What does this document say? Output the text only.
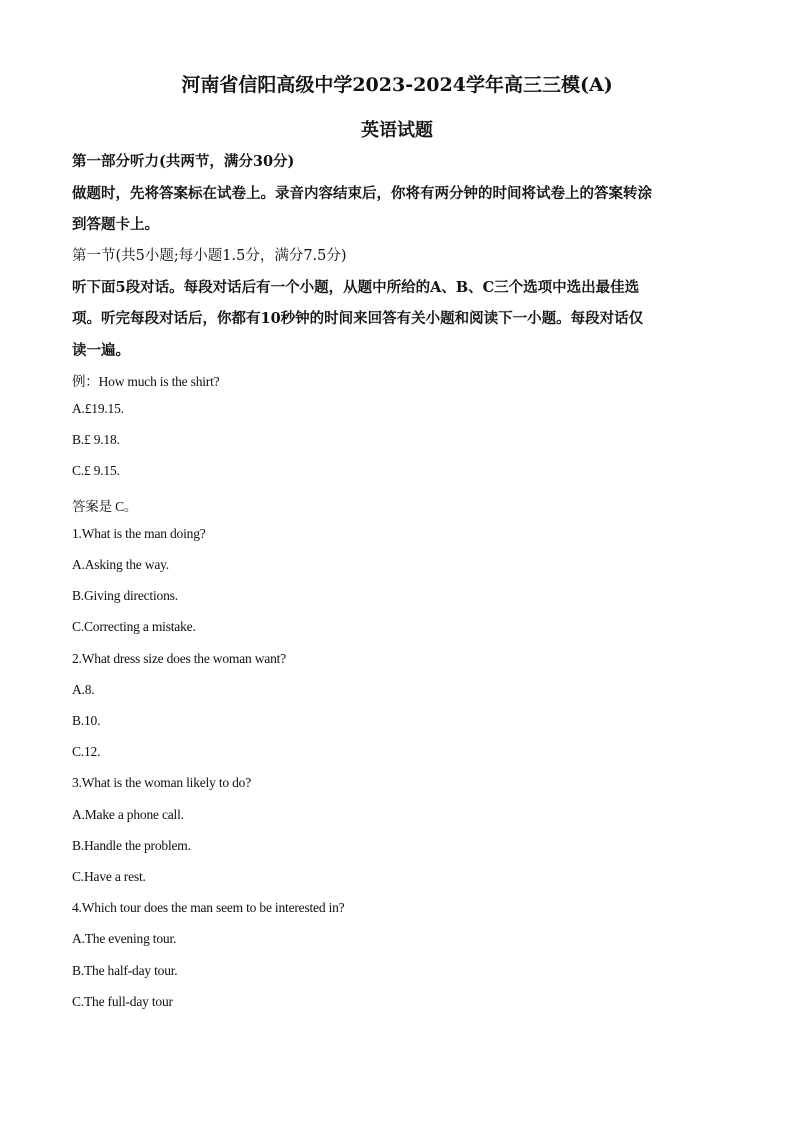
河南省信阳高级中学2023-2024学年高三三模(A)
英语试题
第一部分听力(共两节，满分30分)
做题时，先将答案标在试卷上。录音内容结束后，你将有两分钟的时间将试卷上的答案转涂
到答题卡上。
第一节(共5小题;每小题1.5分，满分7.5分)
听下面5段对话。每段对话后有一个小题，从题中所给的A、B、C三个选项中选出最佳选
项。听完每段对话后，你都有10秒钟的时间来回答有关小题和阅读下一小题。每段对话仅
读一遍。
例：How much is the shirt?
A.£19.15.
B.£ 9.18.
C.£ 9.15.
答案是 C。
1.What is the man doing?
A.Asking the way.
B.Giving directions.
C.Correcting a mistake.
2.What dress size does the woman want?
A.8.
B.10.
C.12.
3.What is the woman likely to do?
A.Make a phone call.
B.Handle the problem.
C.Have a rest.
4.Which tour does the man seem to be interested in?
A.The evening tour.
B.The half-day tour.
C.The full-day tour
